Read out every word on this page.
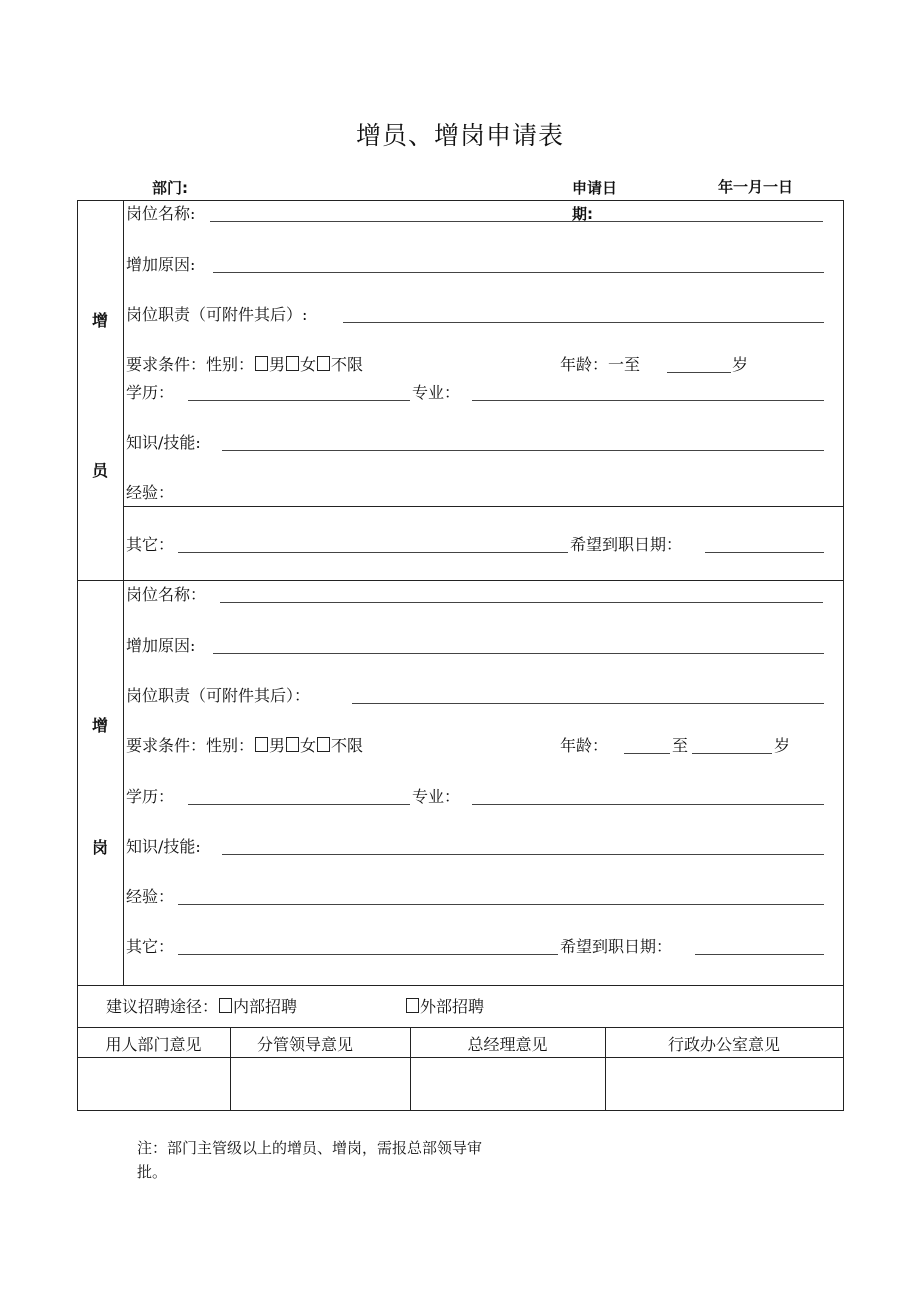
增员、增岗申请表
部门:	申请日
期:
年一月一日
增
员
岗位名称:
增加原因:
岗位职责（可附件其后）:
要求条件：性别： 男 女 不限	年龄：一至	岁
学历：	专业：
知识/技能:
经验：
其它：	希望到职日期：
增
岗
岗位名称：
增加原因:
岗位职责（可附件其后）：
要求条件：性别： 男 女 不限	年龄：	至	岁
学历：	专业：
知识/技能:
经验：
其它：	希望到职日期：
建议招聘途径： 内部招聘	外部招聘
用人部门意见	分管领导意见	总经理意见	行政办公室意见
注：部门主管级以上的增员、增岗，需报总部领导审
批。
